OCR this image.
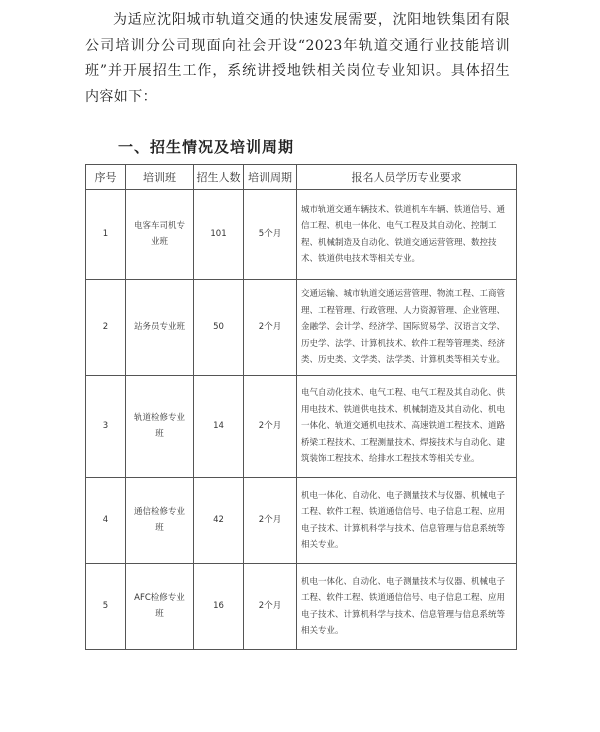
为适应沈阳城市轨道交通的快速发展需要，沈阳地铁集团有限公司培训分公司现面向社会开设“2023年轨道交通行业技能培训班”并开展招生工作，系统讲授地铁相关岗位专业知识。具体招生内容如下：

一、招生情况及培训周期
序号	培训班	招生人数	培训周期	报名人员学历专业要求
1	电客车司机专业班	101	5个月	城市轨道交通车辆技术、铁道机车车辆、铁道信号、通信工程、机电一体化、电气工程及其自动化、控制工程、机械制造及自动化、铁道交通运营管理、数控技术、铁道供电技术等相关专业。
2	站务员专业班	50	2个月	交通运输、城市轨道交通运营管理、物流工程、工商管理、工程管理、行政管理、人力资源管理、企业管理、金融学、会计学、经济学、国际贸易学、汉语言文学、历史学、法学、计算机技术、软件工程等管理类、经济类、历史类、文学类、法学类、计算机类等相关专业。
3	轨道检修专业班	14	2个月	电气自动化技术、电气工程、电气工程及其自动化、供用电技术、铁道供电技术、机械制造及其自动化、机电一体化、轨道交通机电技术、高速铁道工程技术、道路桥梁工程技术、工程测量技术、焊接技术与自动化、建筑装饰工程技术、给排水工程技术等相关专业。
4	通信检修专业班	42	2个月	机电一体化、自动化、电子测量技术与仪器、机械电子工程、软件工程、铁道通信信号、电子信息工程、应用电子技术、计算机科学与技术、信息管理与信息系统等相关专业。
5	AFC检修专业班	16	2个月	机电一体化、自动化、电子测量技术与仪器、机械电子工程、软件工程、铁道通信信号、电子信息工程、应用电子技术、计算机科学与技术、信息管理与信息系统等相关专业。
